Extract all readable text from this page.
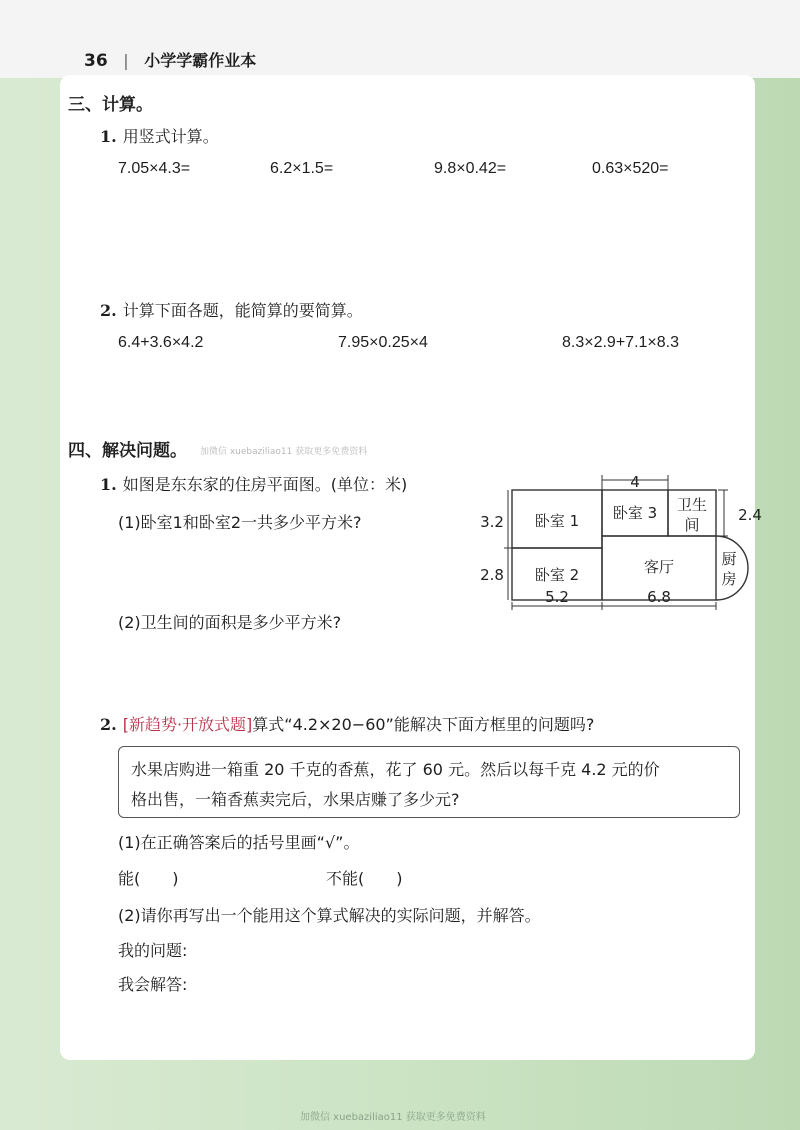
36 | 小学学霸作业本
三、计算。
1. 用竖式计算。
7.05×4.3=	6.2×1.5=	9.8×0.42=	0.63×520=
2. 计算下面各题，能简算的要简算。
6.4+3.6×4.2	7.95×0.25×4	8.3×2.9+7.1×8.3
四、解决问题。 加微信 xuebaziliao11 获取更多免费资料
1. 如图是东东家的住房平面图。(单位：米)
(1)卧室1和卧室2一共多少平方米?
(2)卫生间的面积是多少平方米?
卧室 1
卧室 2
卧室 3 卫生
间
客厅	厨
房
4
3.2
2.8
2.4
5.2	6.8
2. [新趋势·开放式题]算式“4.2×20−60”能解决下面方框里的问题吗?
水果店购进一箱重 20 千克的香蕉，花了 60 元。然后以每千克 4.2 元的价
格出售，一箱香蕉卖完后，水果店赚了多少元?
(1)在正确答案后的括号里画“√”。
能(　　)	不能(　　)
(2)请你再写出一个能用这个算式解决的实际问题，并解答。
我的问题:
我会解答:
加微信 xuebaziliao11 获取更多免费资料
